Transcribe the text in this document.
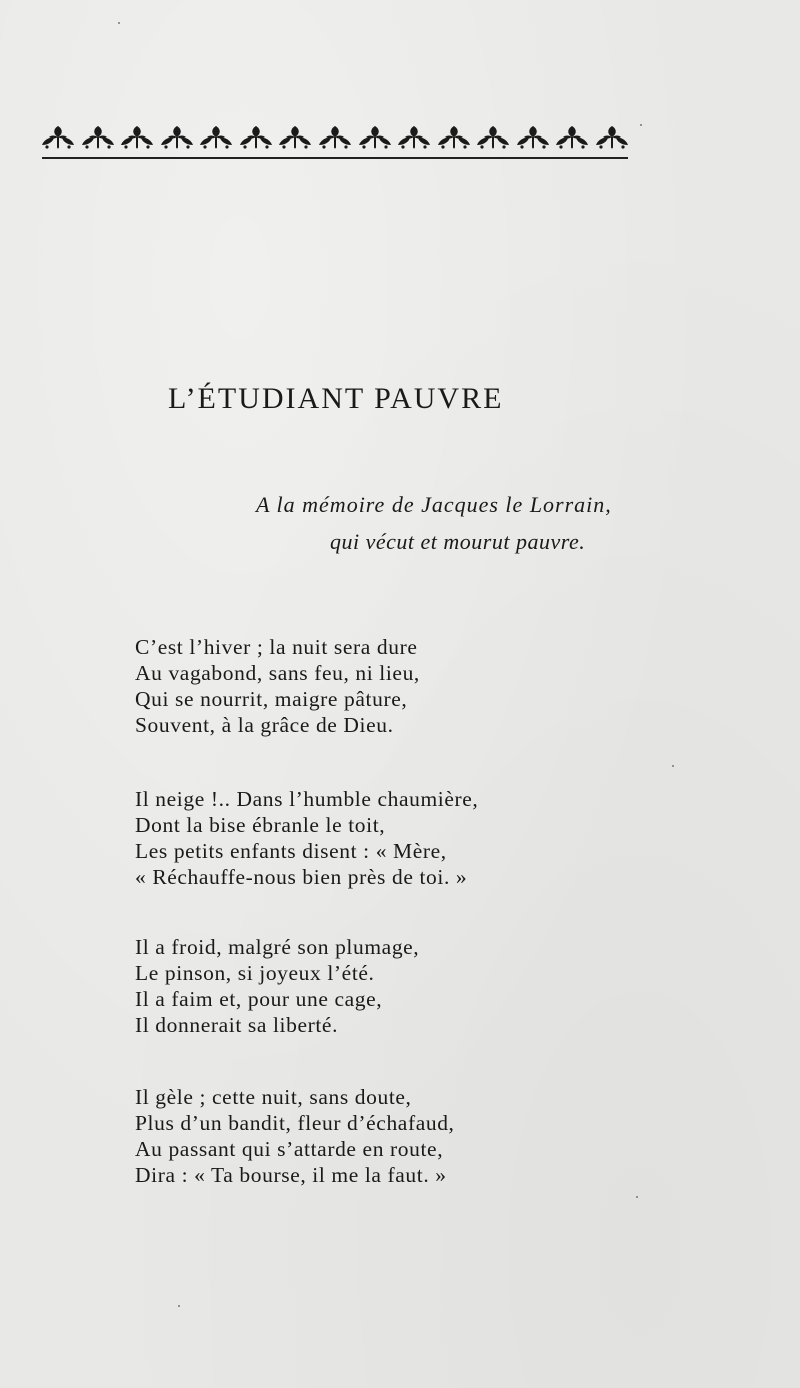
L’ÉTUDIANT PAUVRE
A la mémoire de Jacques le Lorrain,
qui vécut et mourut pauvre.
C’est l’hiver ; la nuit sera dure
Au vagabond, sans feu, ni lieu,
Qui se nourrit, maigre pâture,
Souvent, à la grâce de Dieu.
Il neige !.. Dans l’humble chaumière,
Dont la bise ébranle le toit,
Les petits enfants disent : « Mère,
« Réchauffe-nous bien près de toi. »
Il a froid, malgré son plumage,
Le pinson, si joyeux l’été.
Il a faim et, pour une cage,
Il donnerait sa liberté.
Il gèle ; cette nuit, sans doute,
Plus d’un bandit, fleur d’échafaud,
Au passant qui s’attarde en route,
Dira : « Ta bourse, il me la faut. »
